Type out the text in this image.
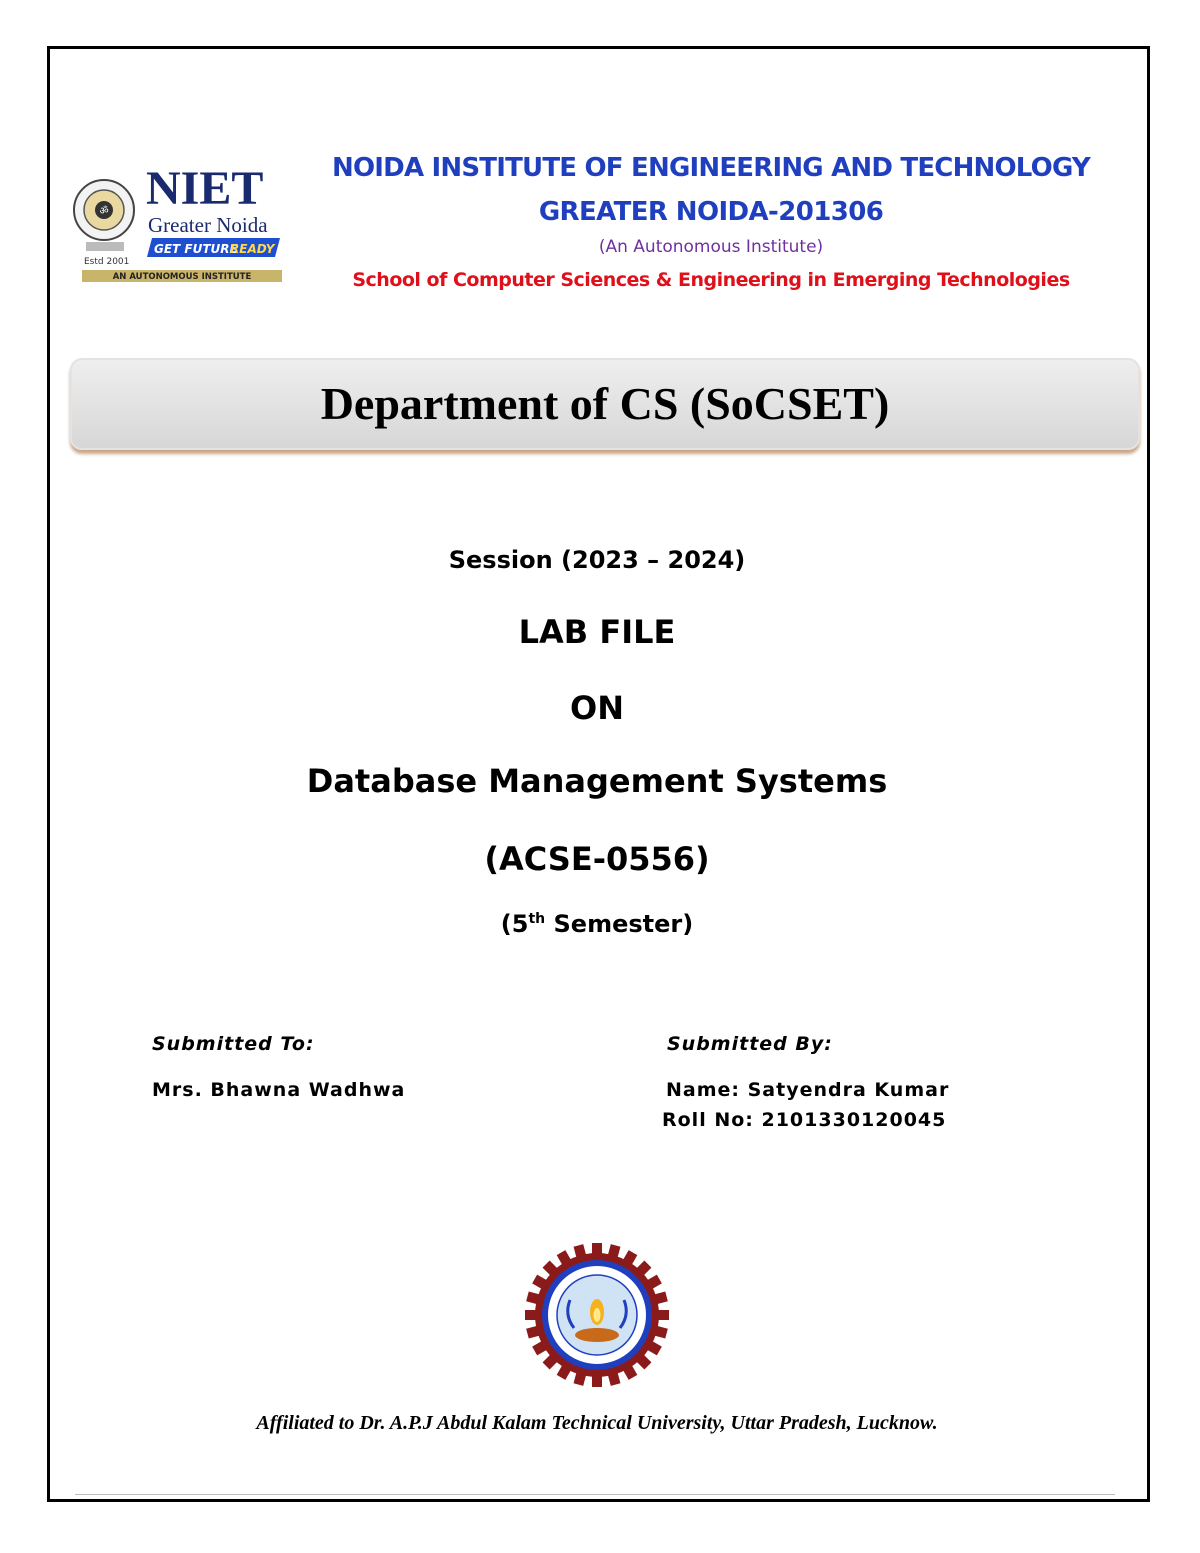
ॐ NIET
Greater Noida
GET FUTURE
READY
Estd 2001
AN AUTONOMOUS INSTITUTE
NOIDA INSTITUTE OF ENGINEERING AND TECHNOLOGY
GREATER NOIDA-201306
(An Autonomous Institute)
School of Computer Sciences & Engineering in Emerging Technologies
Department of CS (SoCSET)
Session (2023 – 2024)
LAB FILE
ON
Database Management Systems
(ACSE-0556)
(5th Semester)
Submitted To:
Mrs. Bhawna Wadhwa
Submitted By:
Name: Satyendra Kumar
Roll No: 2101330120045
Affiliated to Dr. A.P.J Abdul Kalam Technical University, Uttar Pradesh, Lucknow.
